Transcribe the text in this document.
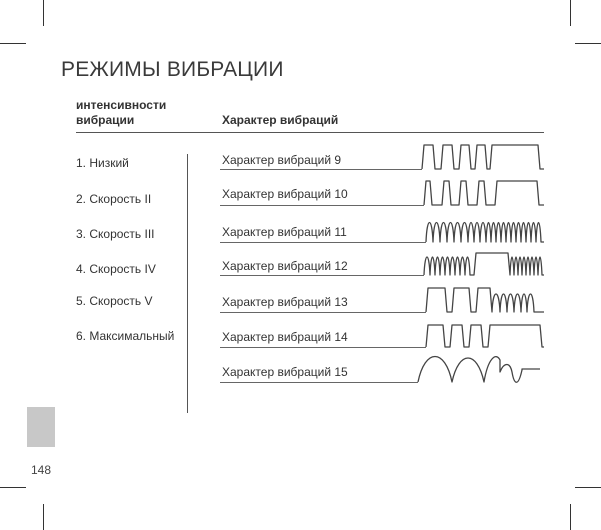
РЕЖИМЫ ВИБРАЦИИ
интенсивности
вибрации	Характер вибраций
1. Низкий
2. Скорость II
3. Скорость III
4. Скорость IV
5. Скорость V
6. Максимальный
Характер вибраций 9
Характер вибраций 10
Характер вибраций 11
Характер вибраций 12
Характер вибраций 13
Характер вибраций 14
Характер вибраций 15
148
